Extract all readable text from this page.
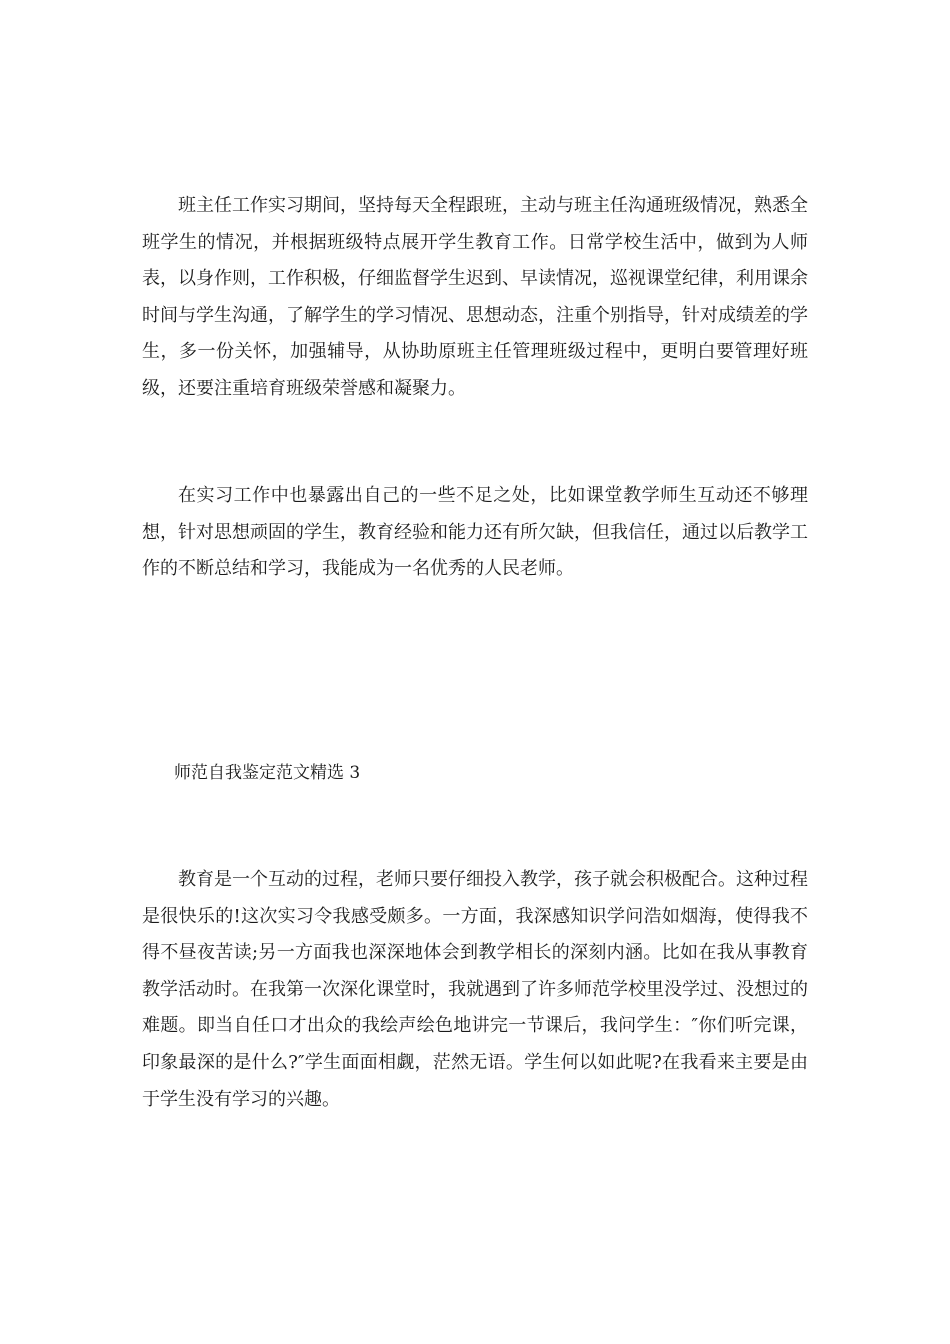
班主任工作实习期间，坚持每天全程跟班，主动与班主任沟通班级情况，熟悉全班学生的情况，并根据班级特点展开学生教育工作。日常学校生活中，做到为人师表，以身作则，工作积极，仔细监督学生迟到、早读情况，巡视课堂纪律，利用课余时间与学生沟通，了解学生的学习情况、思想动态，注重个别指导，针对成绩差的学生，多一份关怀，加强辅导，从协助原班主任管理班级过程中，更明白要管理好班级，还要注重培育班级荣誉感和凝聚力。

在实习工作中也暴露出自己的一些不足之处，比如课堂教学师生互动还不够理想，针对思想顽固的学生，教育经验和能力还有所欠缺，但我信任，通过以后教学工作的不断总结和学习，我能成为一名优秀的人民老师。

师范自我鉴定范文精选 3

教育是一个互动的过程，老师只要仔细投入教学，孩子就会积极配合。这种过程是很快乐的!这次实习令我感受颇多。一方面，我深感知识学问浩如烟海，使得我不得不昼夜苦读;另一方面我也深深地体会到教学相长的深刻内涵。比如在我从事教育教学活动时。在我第一次深化课堂时，我就遇到了许多师范学校里没学过、没想过的难题。即当自任口才出众的我绘声绘色地讲完一节课后，我问学生：″你们听完课，印象最深的是什么?″学生面面相觑，茫然无语。学生何以如此呢?在我看来主要是由于学生没有学习的兴趣。
